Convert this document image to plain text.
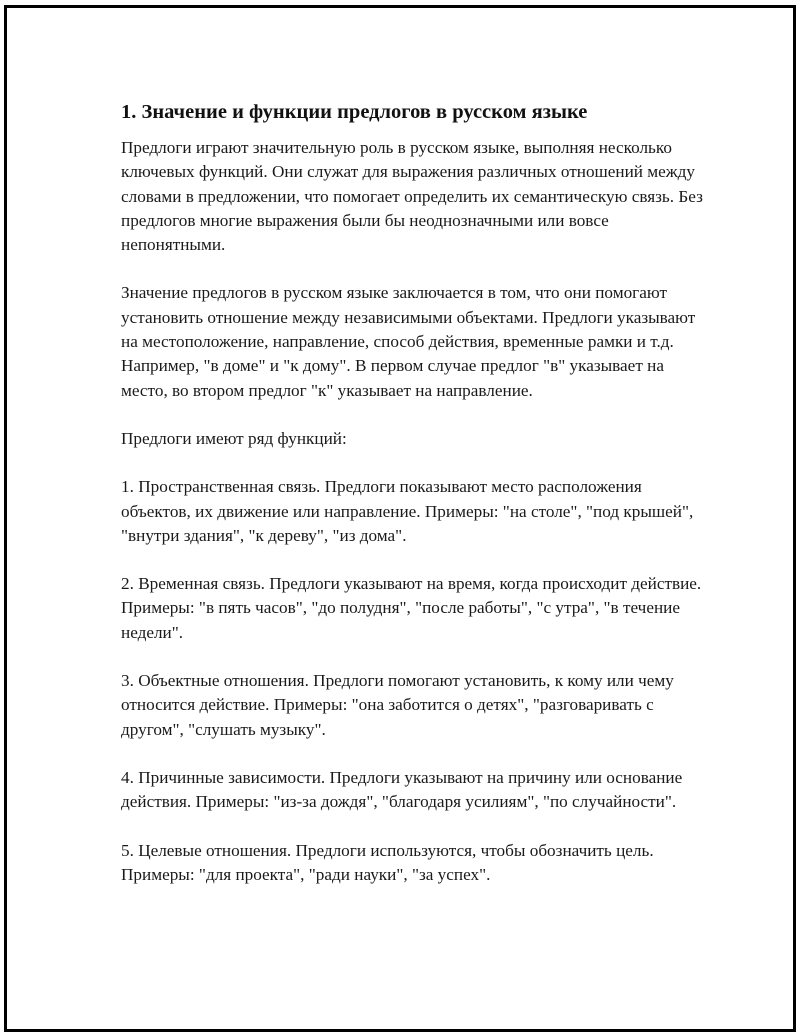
1. Значение и функции предлогов в русском языке

Предлоги играют значительную роль в русском языке, выполняя несколько ключевых функций. Они служат для выражения различных отношений между словами в предложении, что помогает определить их семантическую связь. Без предлогов многие выражения были бы неоднозначными или вовсе непонятными.

Значение предлогов в русском языке заключается в том, что они помогают установить отношение между независимыми объектами. Предлоги указывают на местоположение, направление, способ действия, временные рамки и т.д. Например, "в доме" и "к дому". В первом случае предлог "в" указывает на место, во втором предлог "к" указывает на направление.

Предлоги имеют ряд функций:

1. Пространственная связь. Предлоги показывают место расположения объектов, их движение или направление. Примеры: "на столе", "под крышей", "внутри здания", "к дереву", "из дома".

2. Временная связь. Предлоги указывают на время, когда происходит действие. Примеры: "в пять часов", "до полудня", "после работы", "с утра", "в течение недели".

3. Объектные отношения. Предлоги помогают установить, к кому или чему относится действие. Примеры: "она заботится о детях", "разговаривать с другом", "слушать музыку".

4. Причинные зависимости. Предлоги указывают на причину или основание действия. Примеры: "из-за дождя", "благодаря усилиям", "по случайности".

5. Целевые отношения. Предлоги используются, чтобы обозначить цель. Примеры: "для проекта", "ради науки", "за успех".
